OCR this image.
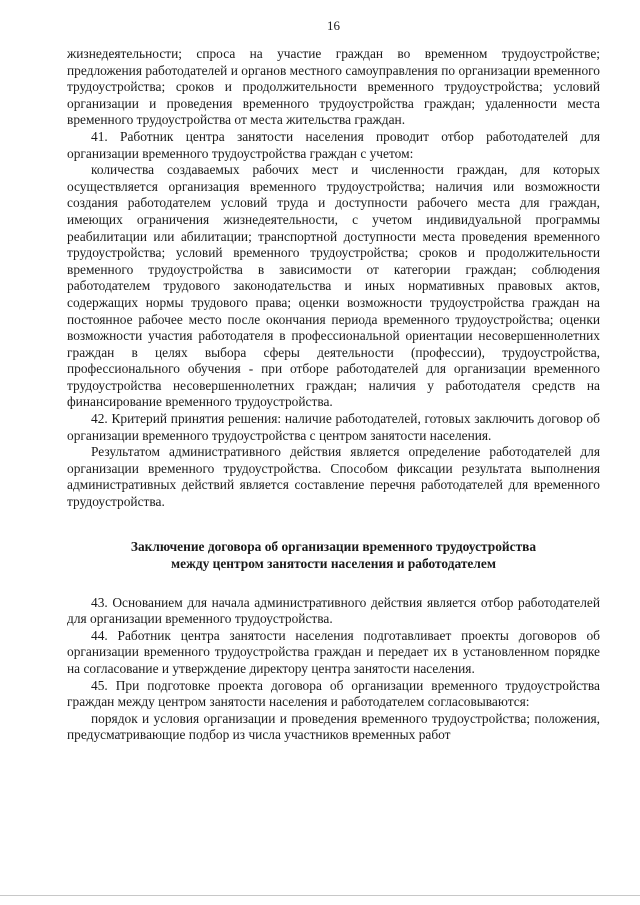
16

жизнедеятельности; спроса на участие граждан во временном трудоустройстве; предложения работодателей и органов местного самоуправления по организации временного трудоустройства; сроков и продолжительности временного трудоустройства; условий организации и проведения временного трудоустройства граждан; удаленности места временного трудоустройства от места жительства граждан.

41. Работник центра занятости населения проводит отбор работодателей для организации временного трудоустройства граждан с учетом:

количества создаваемых рабочих мест и численности граждан, для которых осуществляется организация временного трудоустройства; наличия или возможности создания работодателем условий труда и доступности рабочего места для граждан, имеющих ограничения жизнедеятельности, с учетом индивидуальной программы реабилитации или абилитации; транспортной доступности места проведения временного трудоустройства; условий временного трудоустройства; сроков и продолжительности временного трудоустройства в зависимости от категории граждан; соблюдения работодателем трудового законодательства и иных нормативных правовых актов, содержащих нормы трудового права; оценки возможности трудоустройства граждан на постоянное рабочее место после окончания периода временного трудоустройства; оценки возможности участия работодателя в профессиональной ориентации несовершеннолетних граждан в целях выбора сферы деятельности (профессии), трудоустройства, профессионального обучения - при отборе работодателей для организации временного трудоустройства несовершеннолетних граждан; наличия у работодателя средств на финансирование временного трудоустройства.

42. Критерий принятия решения: наличие работодателей, готовых заключить договор об организации временного трудоустройства с центром занятости населения.

Результатом административного действия является определение работодателей для организации временного трудоустройства. Способом фиксации результата выполнения административных действий является составление перечня работодателей для временного трудоустройства.

Заключение договора об организации временного трудоустройства
между центром занятости населения и работодателем

43. Основанием для начала административного действия является отбор работодателей для организации временного трудоустройства.

44. Работник центра занятости населения подготавливает проекты договоров об организации временного трудоустройства граждан и передает их в установленном порядке на согласование и утверждение директору центра занятости населения.

45. При подготовке проекта договора об организации временного трудоустройства граждан между центром занятости населения и работодателем согласовываются:

порядок и условия организации и проведения временного трудоустройства; положения, предусматривающие подбор из числа участников временных работ
